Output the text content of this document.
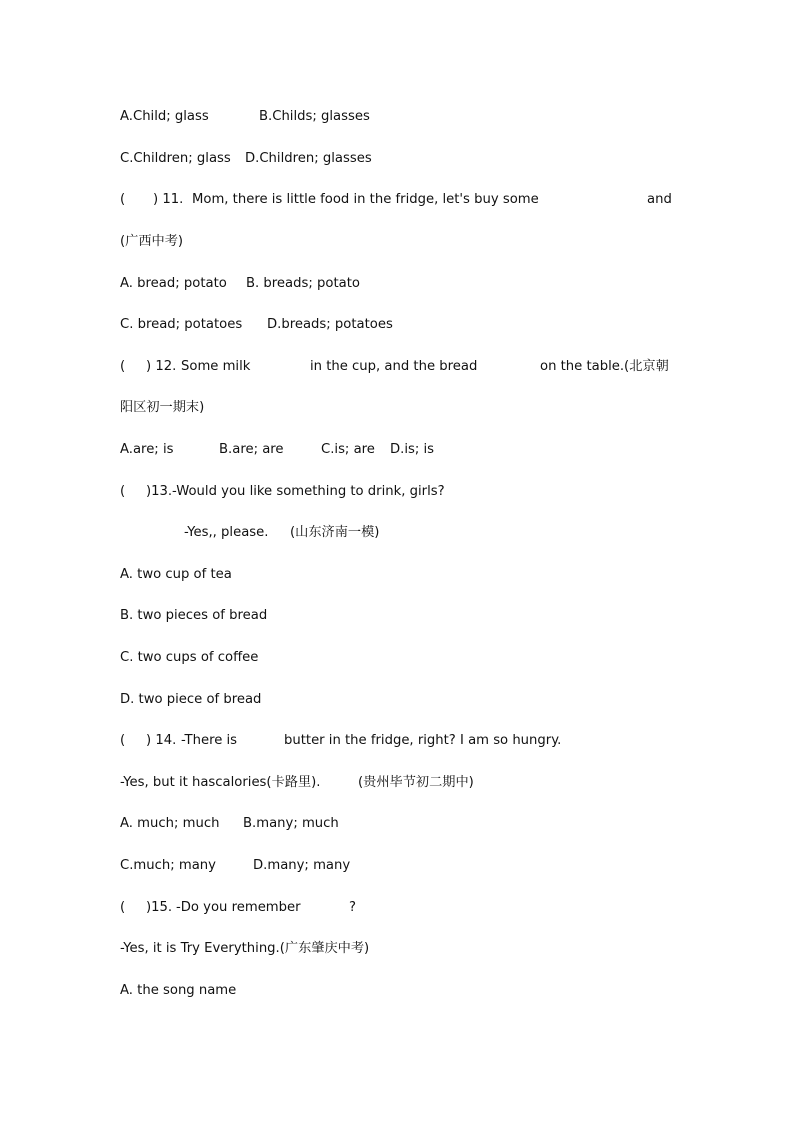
A.Child; glass	B.Childs; glasses
C.Children; glass D.Children; glasses
( ) 11. Mom, there is little food in the fridge, let's buy some	and
(广西中考)
A. bread; potato B. breads; potato
C. bread; potatoes D.breads; potatoes
( ) 12. Some milk	in the cup, and the bread	on the table.(北京朝
阳区初一期末)
A.are; is	B.are; are	C.is; are D.is; is
( )13. -Would you like something to drink, girls?
-Yes,, please. (山东济南一模)
A. two cup of tea
B. two pieces of bread
C. two cups of coffee
D. two piece of bread
( ) 14. -There is	butter in the fridge, right? I am so hungry.
-Yes, but it hascalories(卡路里).	(贵州毕节初二期中)
A. much; much B.many; much
C.much; many	D.many; many
( )15. -Do you remember	?
-Yes, it is Try Everything.(广东肇庆中考)
A. the song name
